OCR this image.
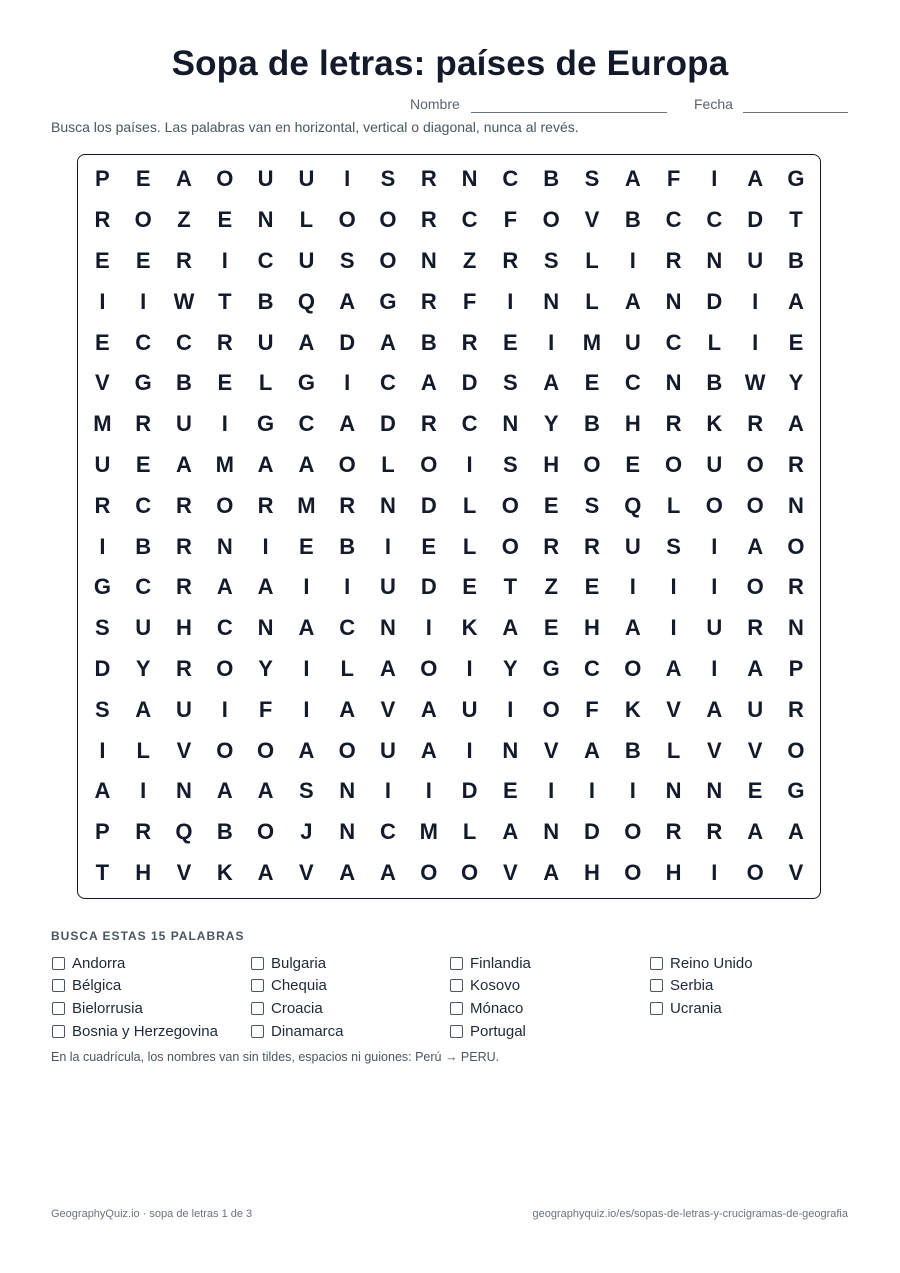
Sopa de letras: países de Europa
Nombre	Fecha
Busca los países. Las palabras van en horizontal, vertical o diagonal, nunca al revés.
P	E	A	O	U	U	I	S	R	N	C	B	S	A	F	I	A	G
R	O	Z	E	N	L	O	O	R	C	F	O	V	B	C	C	D	T
E	E	R	I	C	U	S	O	N	Z	R	S	L	I	R	N	U	B
I	I	W	T	B	Q	A	G	R	F	I	N	L	A	N	D	I	A
E	C	C	R	U	A	D	A	B	R	E	I	M	U	C	L	I	E
V	G	B	E	L	G	I	C	A	D	S	A	E	C	N	B	W	Y
M	R	U	I	G	C	A	D	R	C	N	Y	B	H	R	K	R	A
U	E	A	M	A	A	O	L	O	I	S	H	O	E	O	U	O	R
R	C	R	O	R	M	R	N	D	L	O	E	S	Q	L	O	O	N
I	B	R	N	I	E	B	I	E	L	O	R	R	U	S	I	A	O
G	C	R	A	A	I	I	U	D	E	T	Z	E	I	I	I	O	R
S	U	H	C	N	A	C	N	I	K	A	E	H	A	I	U	R	N
D	Y	R	O	Y	I	L	A	O	I	Y	G	C	O	A	I	A	P
S	A	U	I	F	I	A	V	A	U	I	O	F	K	V	A	U	R
I	L	V	O	O	A	O	U	A	I	N	V	A	B	L	V	V	O
A	I	N	A	A	S	N	I	I	D	E	I	I	I	N	N	E	G
P	R	Q	B	O	J	N	C	M	L	A	N	D	O	R	R	A	A
T	H	V	K	A	V	A	A	O	O	V	A	H	O	H	I	O	V
BUSCA ESTAS 15 PALABRAS
Andorra
Bélgica
Bielorrusia
Bosnia y Herzegovina
Bulgaria
Chequia
Croacia
Dinamarca
Finlandia
Kosovo
Mónaco
Portugal
Reino Unido
Serbia
Ucrania
En la cuadrícula, los nombres van sin tildes, espacios ni guiones: Perú → PERU.
GeographyQuiz.io · sopa de letras 1 de 3	geographyquiz.io/es/sopas-de-letras-y-crucigramas-de-geografia
